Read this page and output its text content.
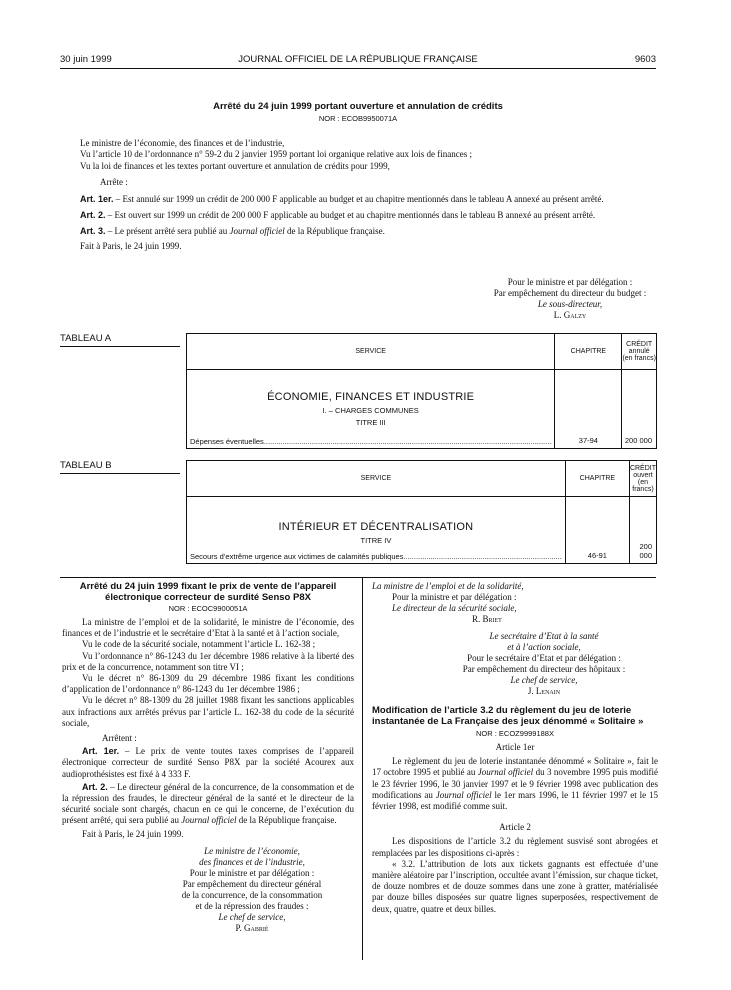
30 juin 1999	JOURNAL OFFICIEL DE LA RÉPUBLIQUE FRANÇAISE	9603
Arrêté du 24 juin 1999 portant ouverture et annulation de crédits
NOR : ECOB9950071A

Le ministre de l’économie, des finances et de l’industrie,

Vu l’article 10 de l’ordonnance n° 59-2 du 2 janvier 1959 portant loi organique relative aux lois de finances ;

Vu la loi de finances et les textes portant ouverture et annulation de crédits pour 1999,

Arrête :

Art. 1er. – Est annulé sur 1999 un crédit de 200 000 F applicable au budget et au chapitre mentionnés dans le tableau A annexé au présent arrêté.

Art. 2. – Est ouvert sur 1999 un crédit de 200 000 F applicable au budget et au chapitre mentionnés dans le tableau B annexé au présent arrêté.

Art. 3. – Le présent arrêté sera publié au Journal officiel de la République française.

Fait à Paris, le 24 juin 1999.

Pour le ministre et par délégation :

Par empêchement du directeur du budget :

Le sous-directeur,

L. Galzy

TABLEAU A
SERVICE	CHAPITRE	CRÉDIT
annulé
(en francs)

ÉCONOMIE, FINANCES ET INDUSTRIE
I. – CHARGES COMMUNES
TITRE III
Dépenses éventuelles..........................................................................................................................................	37-94	200 000
TABLEAU B
SERVICE	CHAPITRE	CRÉDIT
ouvert
(en francs)

INTÉRIEUR ET DÉCENTRALISATION
TITRE IV
Secours d’extrême urgence aux victimes de calamités publiques............................................................................	46-91	200 000
Arrêté du 24 juin 1999 fixant le prix de vente de l’appareil électronique correcteur de surdité Senso P8X
NOR : ECOC9900051A

La ministre de l’emploi et de la solidarité, le ministre de l’économie, des finances et de l’industrie et le secrétaire d’Etat à la santé et à l’action sociale,

Vu le code de la sécurité sociale, notamment l’article L. 162-38 ;

Vu l’ordonnance n° 86-1243 du 1er décembre 1986 relative à la liberté des prix et de la concurrence, notamment son titre VI ;

Vu le décret n° 86-1309 du 29 décembre 1986 fixant les conditions d’application de l’ordonnance n° 86-1243 du 1er décembre 1986 ;

Vu le décret n° 88-1309 du 28 juillet 1988 fixant les sanctions applicables aux infractions aux arrêtés prévus par l’article L. 162-38 du code de la sécurité sociale,

Arrêtent :

Art. 1er. – Le prix de vente toutes taxes comprises de l’appareil électronique correcteur de surdité Senso P8X par la société Acourex aux audioprothésistes est fixé à 4 333 F.

Art. 2. – Le directeur général de la concurrence, de la consommation et de la répression des fraudes, le directeur général de la santé et le directeur de la sécurité sociale sont chargés, chacun en ce qui le concerne, de l’exécution du présent arrêté, qui sera publié au Journal officiel de la République française.

Fait à Paris, le 24 juin 1999.

Le ministre de l’économie,

des finances et de l’industrie,

Pour le ministre et par délégation :

Par empêchement du directeur général

de la concurrence, de la consommation

et de la répression des fraudes :

Le chef de service,

P. Gabrié

La ministre de l’emploi et de la solidarité,

Pour la ministre et par délégation :

Le directeur de la sécurité sociale,

R. Briet

Le secrétaire d’Etat à la santé

et à l’action sociale,

Pour le secrétaire d’Etat et par délégation :

Par empêchement du directeur des hôpitaux :

Le chef de service,

J. Lenain

Modification de l’article 3.2 du règlement du jeu de loterie instantanée de La Française des jeux dénommé « Solitaire »
NOR : ECOZ9999188X

Article 1er

Le règlement du jeu de loterie instantanée dénommé « Solitaire », fait le 17 octobre 1995 et publié au Journal officiel du 3 novembre 1995 puis modifié le 23 février 1996, le 30 janvier 1997 et le 9 février 1998 avec publication des modifications au Journal officiel le 1er mars 1996, le 11 février 1997 et le 15 février 1998, est modifié comme suit.

Article 2

Les dispositions de l’article 3.2 du règlement susvisé sont abrogées et remplacées par les dispositions ci-après :

« 3.2. L’attribution de lots aux tickets gagnants est effectuée d’une manière aléatoire par l’inscription, occultée avant l’émission, sur chaque ticket, de douze nombres et de douze sommes dans une zone à gratter, matérialisée par douze billes disposées sur quatre lignes superposées, respectivement de deux, quatre, quatre et deux billes.
